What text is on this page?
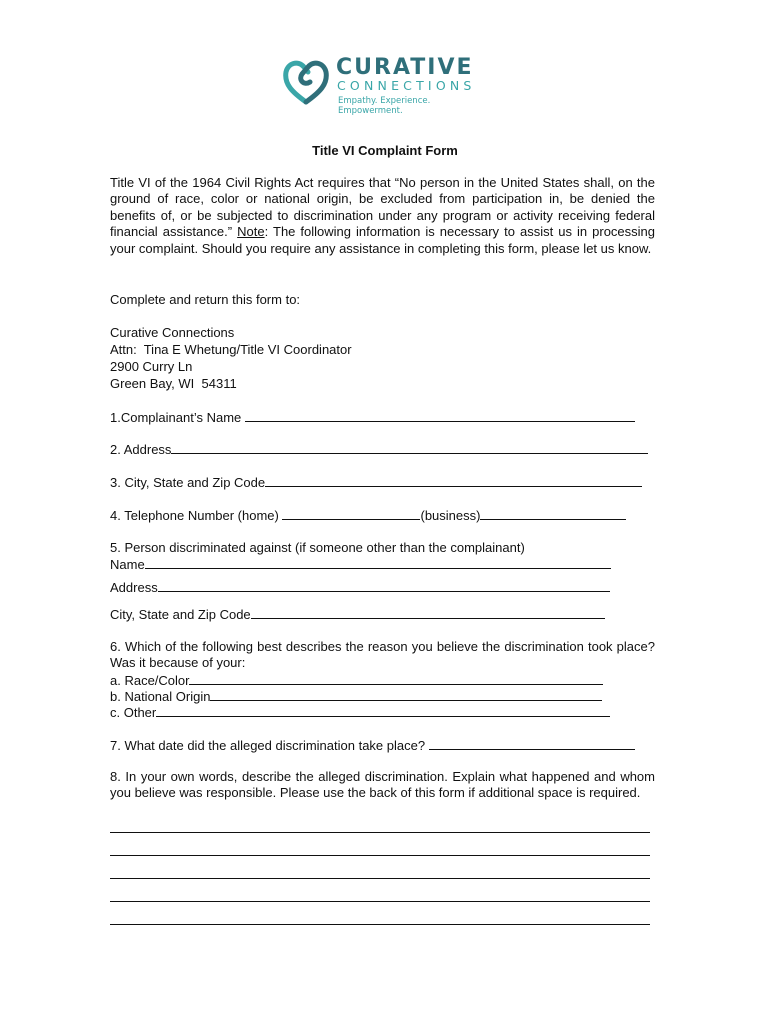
CURATIVE
CONNECTIONS
Empathy. Experience. Empowerment.
Title VI Complaint Form
Title VI of the 1964 Civil Rights Act requires that “No person in the United States shall, on the ground of race, color or national origin, be excluded from participation in, be denied the benefits of, or be subjected to discrimination under any program or activity receiving federal financial assistance.” Note: The following information is necessary to assist us in processing your complaint. Should you require any assistance in completing this form, please let us know.
Complete and return this form to:
Curative Connections
Attn:  Tina E Whetung/Title VI Coordinator
2900 Curry Ln
Green Bay, WI  54311
1.Complainant’s Name
2. Address
3. City, State and Zip Code
4. Telephone Number (home)	(business)
5. Person discriminated against (if someone other than the complainant)
Name
Address
City, State and Zip Code
6. Which of the following best describes the reason you believe the discrimination took place? Was it because of your:
a. Race/Color
b. National Origin
c. Other
7. What date did the alleged discrimination take place?
8. In your own words, describe the alleged discrimination. Explain what happened and whom you believe was responsible. Please use the back of this form if additional space is required.
